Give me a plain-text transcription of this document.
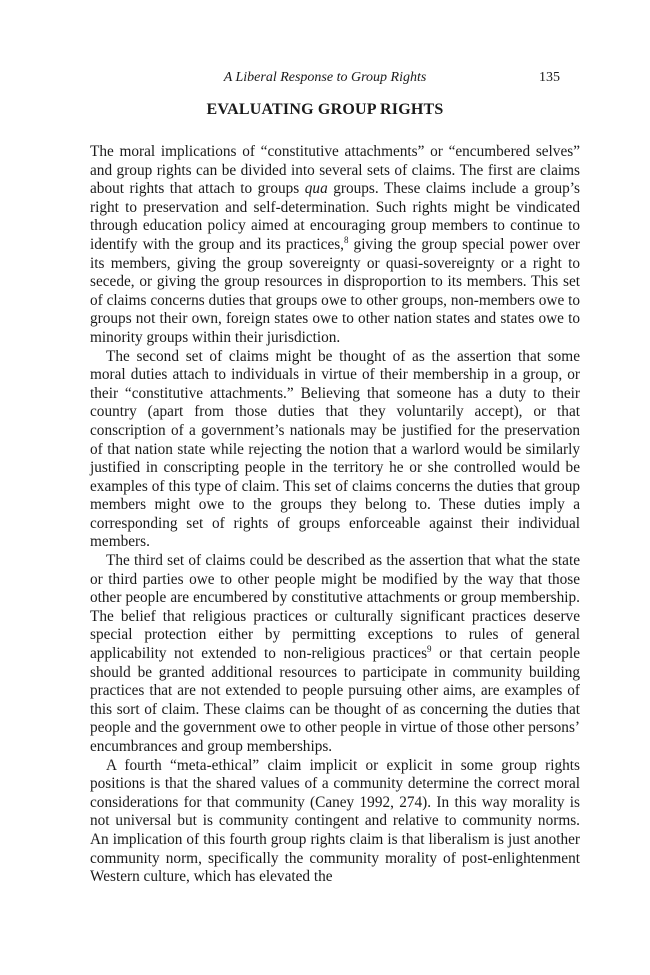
A Liberal Response to Group Rights	135
EVALUATING GROUP RIGHTS

The moral implications of “constitutive attachments” or “encumbered selves” and group rights can be divided into several sets of claims. The first are claims about rights that attach to groups qua groups. These claims include a group’s right to preservation and self-determination. Such rights might be vindicated through education policy aimed at encouraging group members to continue to identify with the group and its practices,$^8$ giving the group special power over its members, giving the group sovereignty or quasi-sovereignty or a right to secede, or giving the group resources in disproportion to its members. This set of claims concerns duties that groups owe to other groups, non-members owe to groups not their own, foreign states owe to other nation states and states owe to minority groups within their jurisdiction.

The second set of claims might be thought of as the assertion that some moral duties attach to individuals in virtue of their membership in a group, or their “constitutive attachments.” Believing that someone has a duty to their country (apart from those duties that they voluntarily accept), or that conscription of a government’s nationals may be justified for the preservation of that nation state while rejecting the notion that a warlord would be similarly justified in conscripting people in the territory he or she controlled would be examples of this type of claim. This set of claims concerns the duties that group members might owe to the groups they belong to. These duties imply a corresponding set of rights of groups enforceable against their individual members.

The third set of claims could be described as the assertion that what the state or third parties owe to other people might be modified by the way that those other people are encumbered by constitutive attachments or group membership. The belief that religious practices or culturally significant practices deserve special protection either by permitting exceptions to rules of general applicability not extended to non-religious practices$^9$ or that certain people should be granted additional resources to participate in community building practices that are not extended to people pursuing other aims, are examples of this sort of claim. These claims can be thought of as concerning the duties that people and the government owe to other people in virtue of those other persons’ encumbrances and group memberships.

A fourth “meta-ethical” claim implicit or explicit in some group rights positions is that the shared values of a community determine the correct moral considerations for that community (Caney 1992, 274). In this way morality is not universal but is community contingent and relative to community norms. An implication of this fourth group rights claim is that liberalism is just another community norm, specifically the community morality of post-enlightenment Western culture, which has elevated the
